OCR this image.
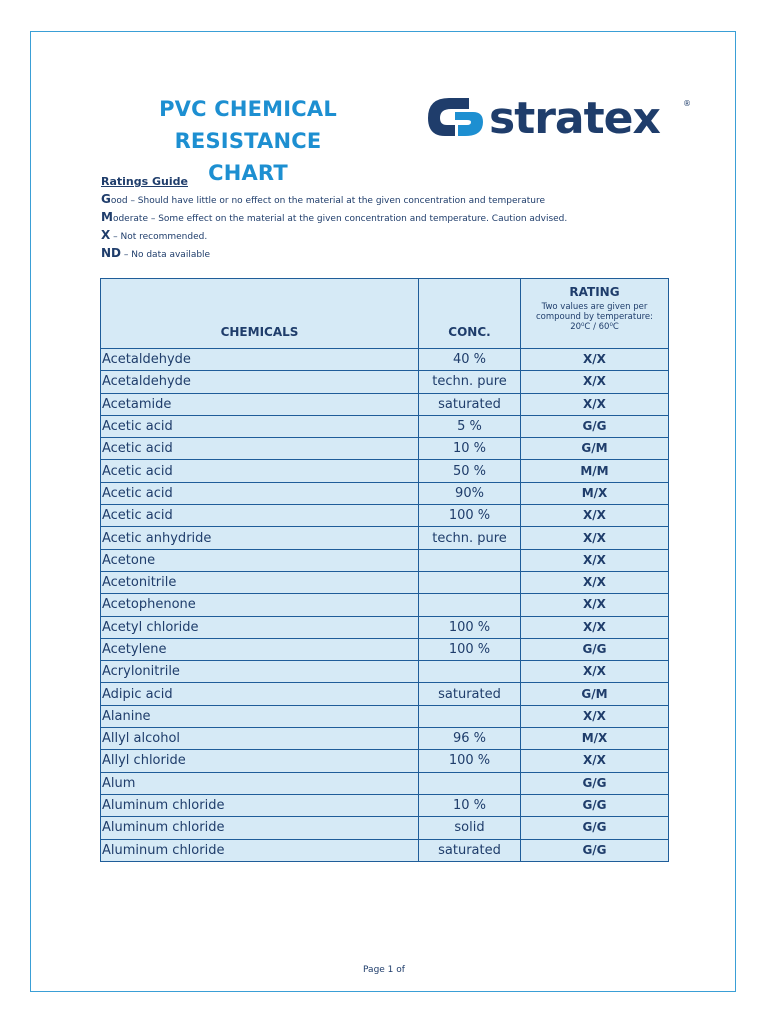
PVC CHEMICAL RESISTANCE
CHART
stratex	®
Ratings Guide
Good – Should have little or no effect on the material at the given concentration and temperature
Moderate – Some effect on the material at the given concentration and temperature. Caution advised.
X – Not recommended.
ND – No data available
CHEMICALS	CONC.	RATING
Two values are given per compound by temperature:
20⁰C / 60⁰C

Acetaldehyde	40 %	X/X
Acetaldehyde	techn. pure	X/X
Acetamide	saturated	X/X
Acetic acid	5 %	G/G
Acetic acid	10 %	G/M
Acetic acid	50 %	M/M
Acetic acid	90%	M/X
Acetic acid	100 %	X/X
Acetic anhydride	techn. pure	X/X
Acetone		X/X
Acetonitrile		X/X
Acetophenone		X/X
Acetyl chloride	100 %	X/X
Acetylene	100 %	G/G
Acrylonitrile		X/X
Adipic acid	saturated	G/M
Alanine		X/X
Allyl alcohol	96 %	M/X
Allyl chloride	100 %	X/X
Alum		G/G
Aluminum chloride	10 %	G/G
Aluminum chloride	solid	G/G
Aluminum chloride	saturated	G/G
Page 1 of
